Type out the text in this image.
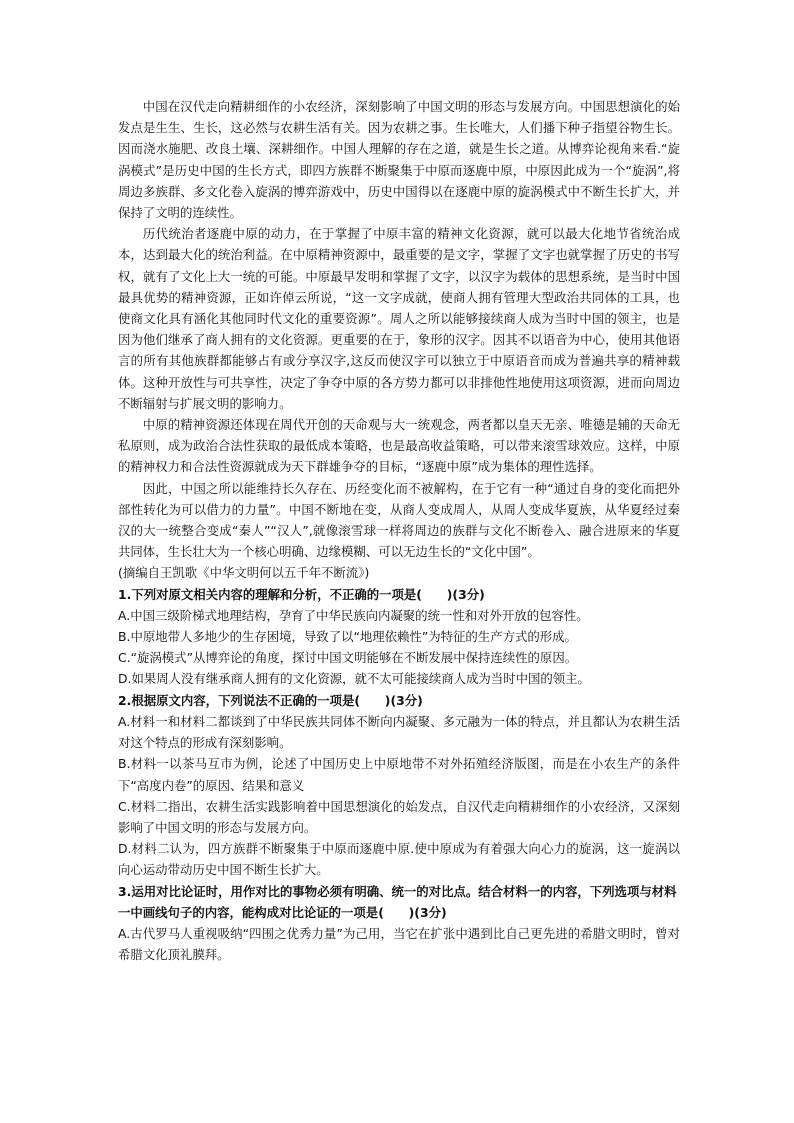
中国在汉代走向精耕细作的小农经济，深刻影响了中国文明的形态与发展方向。中国思想演化的始发点是生生、生长，这必然与农耕生活有关。因为农耕之事。生长唯大，人们播下种子指望谷物生长。因而浇水施肥、改良土壤、深耕细作。中国人理解的存在之道，就是生长之道。从博弈论视角来看.“旋涡模式”是历史中国的生长方式，即四方族群不断聚集于中原而逐鹿中原，中原因此成为一个“旋涡”,将周边多族群、多文化卷入旋涡的博弈游戏中，历史中国得以在逐鹿中原的旋涡模式中不断生长扩大，并保持了文明的连续性。

历代统治者逐鹿中原的动力，在于掌握了中原丰富的精神文化资源，就可以最大化地节省统治成本，达到最大化的统治利益。在中原精神资源中，最重要的是文字，掌握了文字也就掌握了历史的书写权，就有了文化上大一统的可能。中原最早发明和掌握了文字，以汉字为载体的思想系统，是当时中国最具优势的精神资源，正如许倬云所说，“这一文字成就，使商人拥有管理大型政治共同体的工具，也使商文化具有涵化其他同时代文化的重要资源”。周人之所以能够接续商人成为当时中国的领主，也是因为他们继承了商人拥有的文化资源。更重要的在于，象形的汉字。因其不以语音为中心，使用其他语言的所有其他族群都能够占有或分享汉字,这反而使汉字可以独立于中原语音而成为普遍共享的精神载体。这种开放性与可共享性，决定了争夺中原的各方势力都可以非排他性地使用这项资源，进而向周边不断辐射与扩展文明的影响力。

中原的精神资源还体现在周代开创的天命观与大一统观念，两者都以皇天无亲、唯德是辅的天命无私原则，成为政治合法性获取的最低成本策略，也是最高收益策略，可以带来滚雪球效应。这样，中原的精神权力和合法性资源就成为天下群雄争夺的目标，“逐鹿中原”成为集体的理性选择。

因此，中国之所以能维持长久存在、历经变化而不被解构，在于它有一种“通过自身的变化而把外部性转化为可以借力的力量”。中国不断地在变，从商人变成周人，从周人变成华夏族，从华夏经过秦汉的大一统整合变成“秦人”“汉人”,就像滚雪球一样将周边的族群与文化不断卷入、融合进原来的华夏共同体，生长壮大为一个核心明确、边缘模糊、可以无边生长的“文化中国”。

(摘编自王凯歌《中华文明何以五千年不断流》)

1.下列对原文相关内容的理解和分析，不正确的一项是(　　)(3分)

A.中国三级阶梯式地理结构，孕育了中华民族向内凝聚的统一性和对外开放的包容性。

B.中原地带人多地少的生存困境，导致了以“地理依赖性”为特征的生产方式的形成。

C.“旋涡模式”从博弈论的角度，探讨中国文明能够在不断发展中保持连续性的原因。

D.如果周人没有继承商人拥有的文化资源，就不太可能接续商人成为当时中国的领主。

2.根据原文内容，下列说法不正确的一项是(　　)(3分)

A.材料一和材料二都谈到了中华民族共同体不断向内凝聚、多元融为一体的特点，并且都认为农耕生活对这个特点的形成有深刻影响。

B.材料一以茶马互市为例，论述了中国历史上中原地带不对外拓殖经济版图，而是在小农生产的条件下“高度内卷”的原因、结果和意义

C.材料二指出，农耕生活实践影响着中国思想演化的始发点，自汉代走向精耕细作的小农经济，又深刻影响了中国文明的形态与发展方向。

D.材料二认为，四方族群不断聚集于中原而逐鹿中原.使中原成为有着强大向心力的旋涡，这一旋涡以向心运动带动历史中国不断生长扩大。

3.运用对比论证时，用作对比的事物必须有明确、统一的对比点。结合材料一的内容，下列选项与材料一中画线句子的内容，能构成对比论证的一项是(　　)(3分)

A.古代罗马人重视吸纳“四围之优秀力量”为己用，当它在扩张中遇到比自己更先进的希腊文明时，曾对希腊文化顶礼膜拜。
